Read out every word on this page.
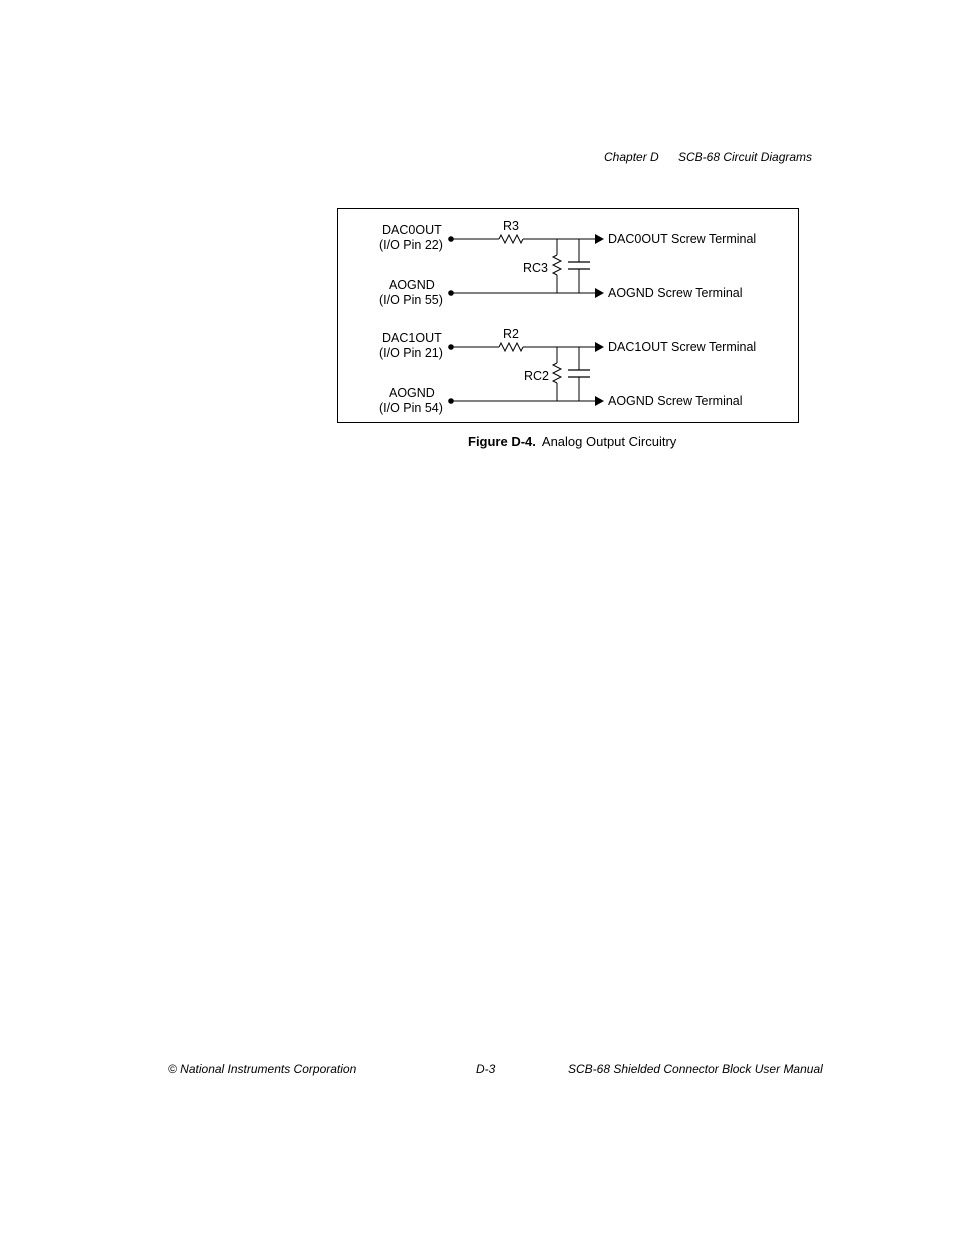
Chapter D SCB-68 Circuit Diagrams
DAC0OUT
(I/O Pin 22)
AOGND
(I/O Pin 55)
R3
RC3
DAC0OUT Screw Terminal
AOGND Screw Terminal
DAC1OUT
(I/O Pin 21)
AOGND
(I/O Pin 54)
R2
RC2
DAC1OUT Screw Terminal
AOGND Screw Terminal
Figure D-4. Analog Output Circuitry
© National Instruments Corporation	D-3	SCB-68 Shielded Connector Block User Manual
